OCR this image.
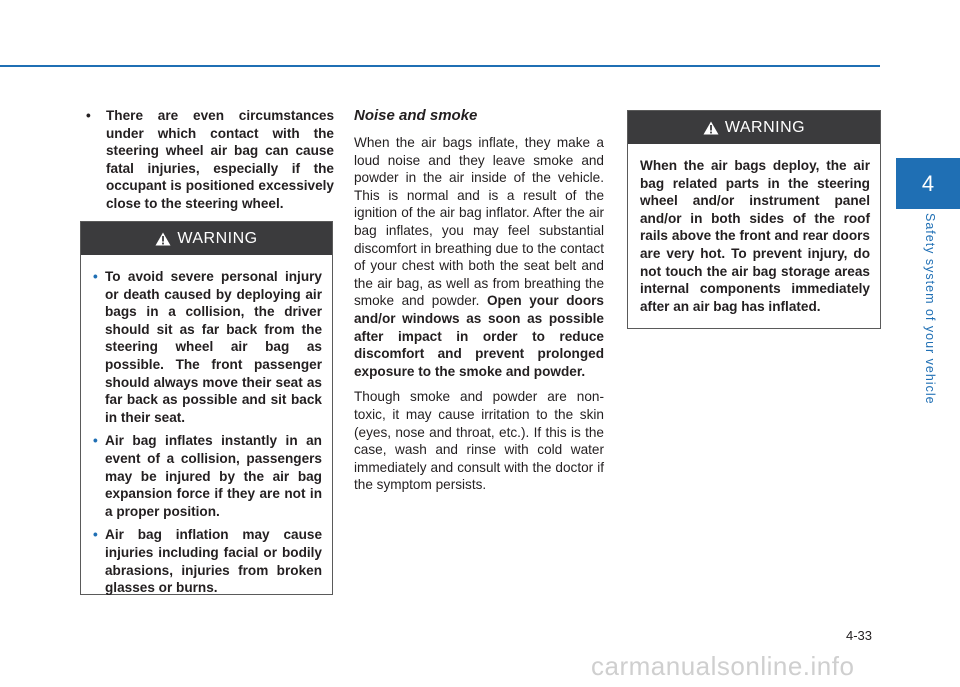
• There are even circumstances under which contact with the steering wheel air bag can cause fatal injuries, especially if the occupant is positioned excessively close to the steering wheel.
WARNING
• To avoid severe personal injury or death caused by deploying air bags in a collision, the driver should sit as far back from the steering wheel air bag as possible. The front passenger should always move their seat as far back as possible and sit back in their seat.
• Air bag inflates instantly in an event of a collision, passengers may be injured by the air bag expansion force if they are not in a proper position.
• Air bag inflation may cause injuries including facial or bodily abrasions, injuries from broken glasses or burns.
Noise and smoke

When the air bags inflate, they make a loud noise and they leave smoke and powder in the air inside of the vehicle. This is normal and is a result of the ignition of the air bag inflator. After the air bag inflates, you may feel substantial discomfort in breathing due to the contact of your chest with both the seat belt and the air bag, as well as from breathing the smoke and powder. Open your doors and/or windows as soon as possible after impact in order to reduce discomfort and prevent prolonged exposure to the smoke and powder.

Though smoke and powder are non-toxic, it may cause irritation to the skin (eyes, nose and throat, etc.). If this is the case, wash and rinse with cold water immediately and consult with the doctor if the symptom persists.

WARNING
When the air bags deploy, the air bag related parts in the steering wheel and/or instrument panel and/or in both sides of the roof rails above the front and rear doors are very hot. To prevent injury, do not touch the air bag storage areas internal components immediately after an air bag has inflated.
4
Safety system of your vehicle
4-33
carmanualsonline.info
